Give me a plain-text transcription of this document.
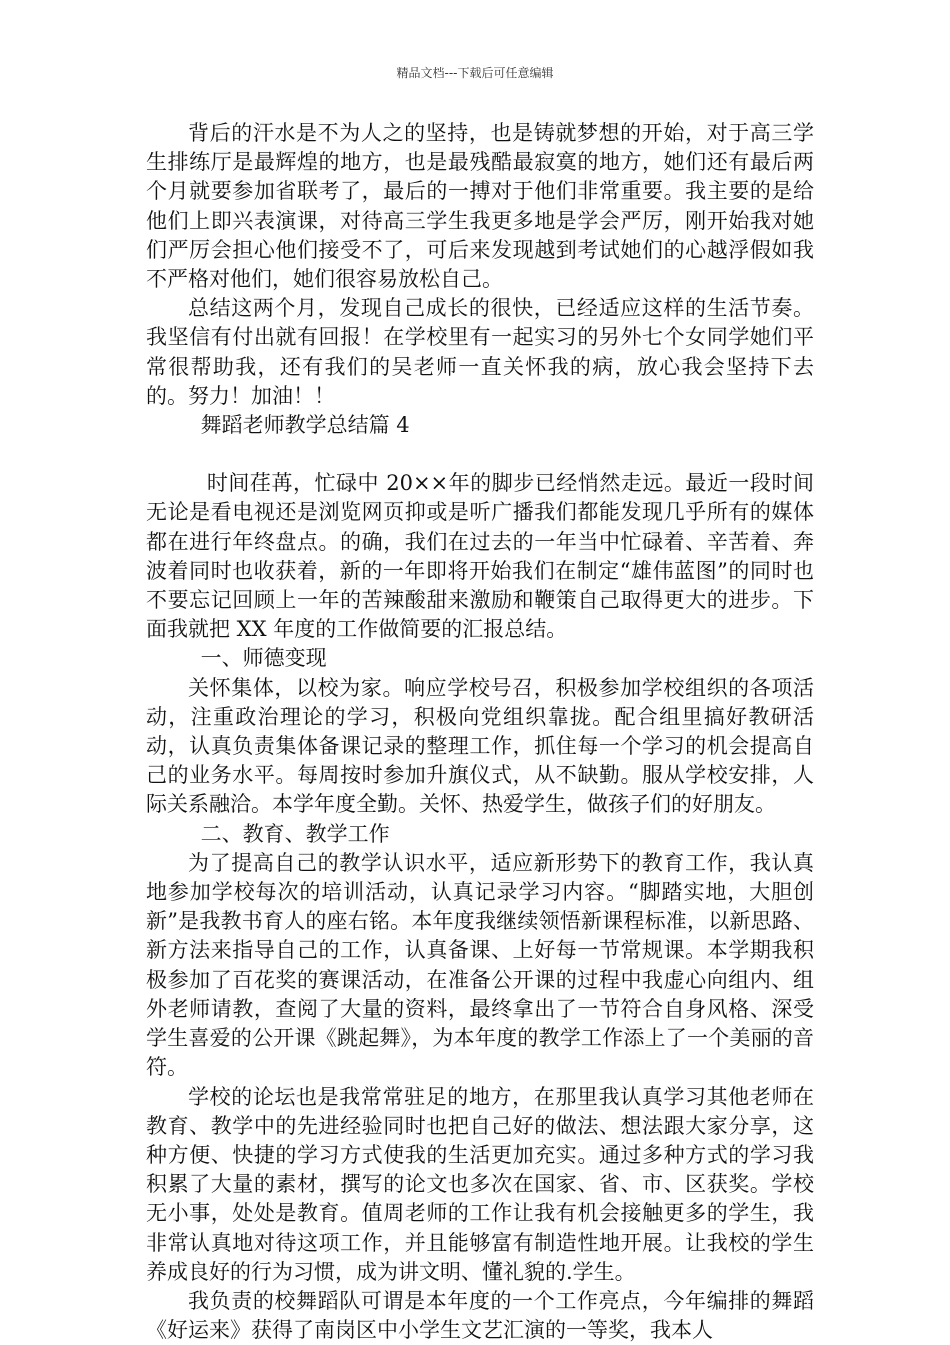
精品文档---下载后可任意编辑

背后的汗水是不为人之的坚持，也是铸就梦想的开始，对于高三学生排练厅是最辉煌的地方，也是最残酷最寂寞的地方，她们还有最后两个月就要参加省联考了，最后的一搏对于他们非常重要。我主要的是给他们上即兴表演课，对待高三学生我更多地是学会严厉，刚开始我对她们严厉会担心他们接受不了，可后来发现越到考试她们的心越浮假如我不严格对他们，她们很容易放松自己。

总结这两个月，发现自己成长的很快，已经适应这样的生活节奏。我坚信有付出就有回报！在学校里有一起实习的另外七个女同学她们平常很帮助我，还有我们的吴老师一直关怀我的病，放心我会坚持下去的。努力！加油！！

舞蹈老师教学总结篇 4

时间荏苒，忙碌中 20××年的脚步已经悄然走远。最近一段时间无论是看电视还是浏览网页抑或是听广播我们都能发现几乎所有的媒体都在进行年终盘点。的确，我们在过去的一年当中忙碌着、辛苦着、奔波着同时也收获着，新的一年即将开始我们在制定“雄伟蓝图”的同时也不要忘记回顾上一年的苦辣酸甜来激励和鞭策自己取得更大的进步。下面我就把 XX 年度的工作做简要的汇报总结。

一、师德变现

关怀集体，以校为家。响应学校号召，积极参加学校组织的各项活动，注重政治理论的学习，积极向党组织靠拢。配合组里搞好教研活动，认真负责集体备课记录的整理工作，抓住每一个学习的机会提高自己的业务水平。每周按时参加升旗仪式，从不缺勤。服从学校安排，人际关系融洽。本学年度全勤。关怀、热爱学生，做孩子们的好朋友。

二、教育、教学工作

为了提高自己的教学认识水平，适应新形势下的教育工作，我认真地参加学校每次的培训活动，认真记录学习内容。“脚踏实地，大胆创新”是我教书育人的座右铭。本年度我继续领悟新课程标准，以新思路、新方法来指导自己的工作，认真备课、上好每一节常规课。本学期我积极参加了百花奖的赛课活动，在准备公开课的过程中我虚心向组内、组外老师请教，查阅了大量的资料，最终拿出了一节符合自身风格、深受学生喜爱的公开课《跳起舞》，为本年度的教学工作添上了一个美丽的音符。

学校的论坛也是我常常驻足的地方，在那里我认真学习其他老师在教育、教学中的先进经验同时也把自己好的做法、想法跟大家分享，这种方便、快捷的学习方式使我的生活更加充实。通过多种方式的学习我积累了大量的素材，撰写的论文也多次在国家、省、市、区获奖。学校无小事，处处是教育。值周老师的工作让我有机会接触更多的学生，我非常认真地对待这项工作，并且能够富有制造性地开展。让我校的学生养成良好的行为习惯，成为讲文明、懂礼貌的.学生。

我负责的校舞蹈队可谓是本年度的一个工作亮点，今年编排的舞蹈《好运来》获得了南岗区中小学生文艺汇演的一等奖，我本人
